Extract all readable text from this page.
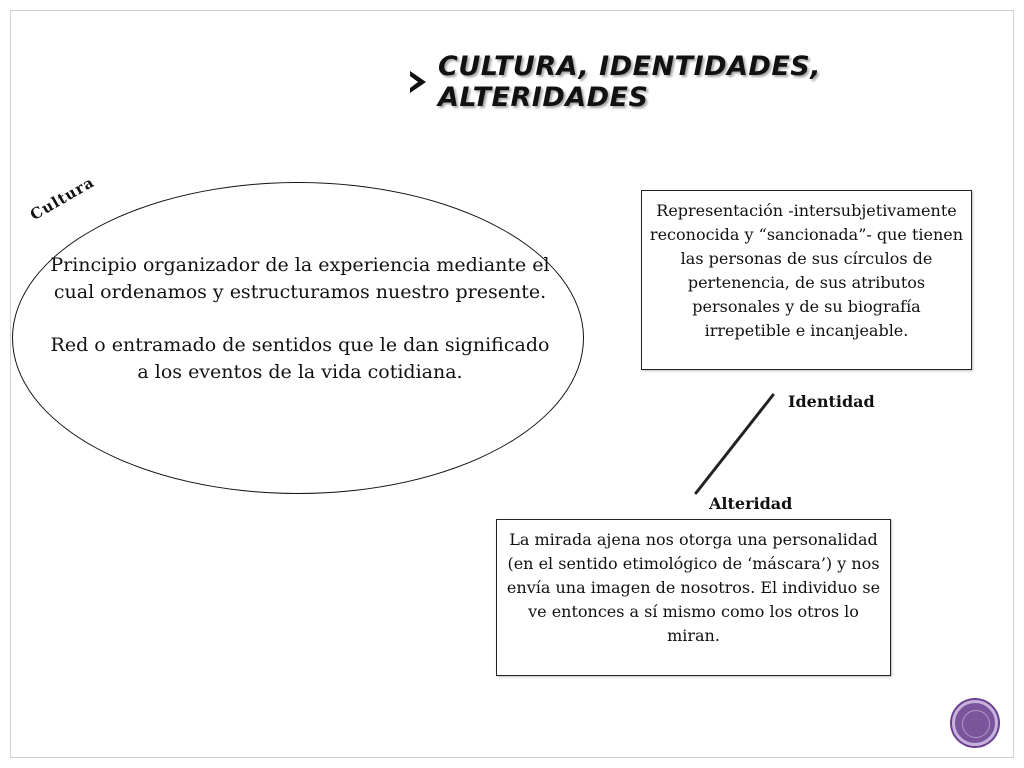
CULTURA, IDENTIDADES, ALTERIDADES
Cultura

Principio organizador de la experiencia mediante el cual ordenamos y estructuramos nuestro presente.

Red o entramado de sentidos que le dan significado a los eventos de la vida cotidiana.

Representación -intersubjetivamente reconocida y “sancionada”- que tienen las personas de sus círculos de pertenencia, de sus atributos personales y de su biografía irrepetible e incanjeable.
Identidad
Alteridad
La mirada ajena nos otorga una personalidad (en el sentido etimológico de ‘máscara’) y nos envía una imagen de nosotros. El individuo se ve entonces a sí mismo como los otros lo miran.
